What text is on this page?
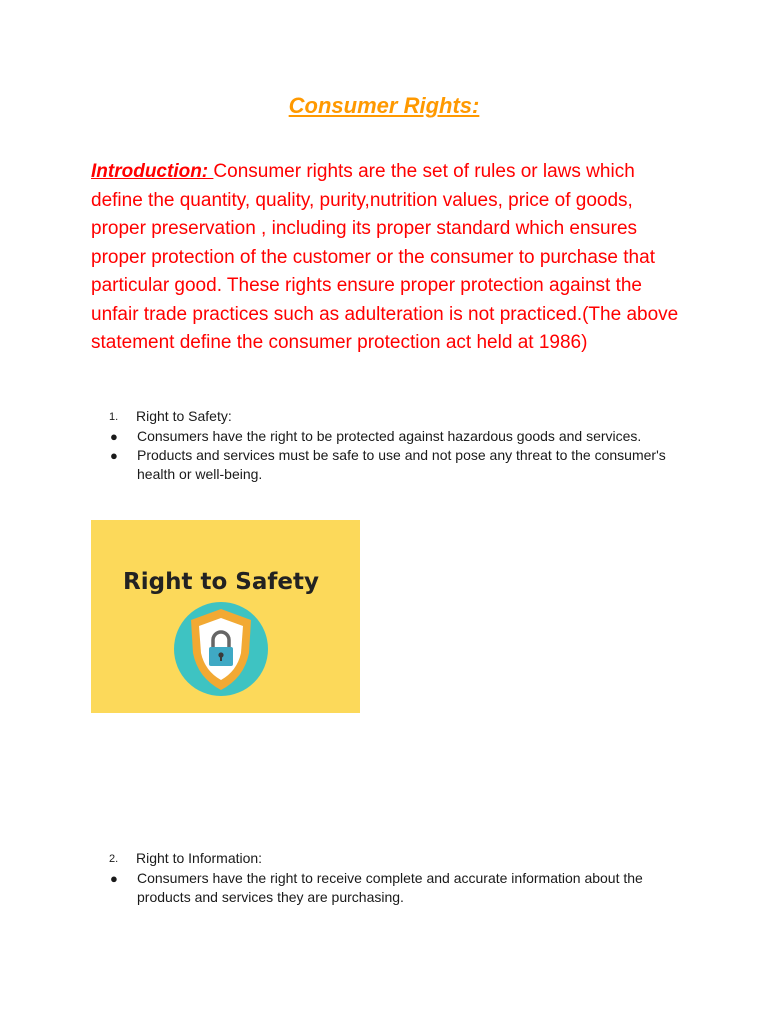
Consumer Rights:
Introduction: Consumer rights are the set of rules or laws which define the quantity, quality, purity,nutrition values, price of goods, proper preservation , including its proper standard which ensures proper protection of the customer or the consumer to purchase that particular good. These rights ensure proper protection against the unfair trade practices such as adulteration is not practiced.(The above statement define the consumer protection act held at 1986)
1.	Right to Safety:
●	Consumers have the right to be protected against hazardous goods and services.
●	Products and services must be safe to use and not pose any threat to the consumer's health or well-being.
Right to Safety
2.	Right to Information:
●	Consumers have the right to receive complete and accurate information about the products and services they are purchasing.
